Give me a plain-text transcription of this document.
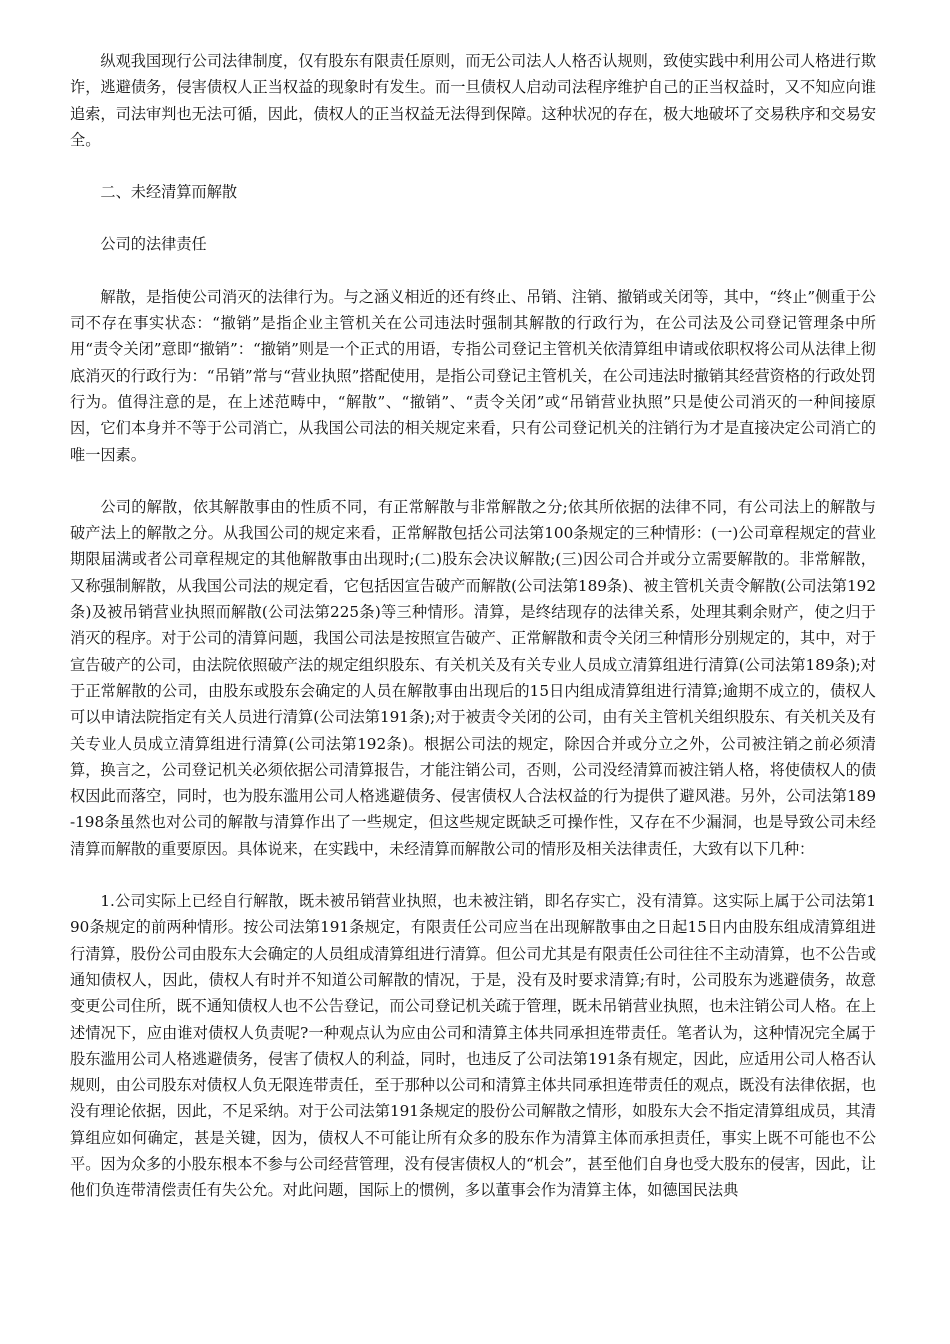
纵观我国现行公司法律制度，仅有股东有限责任原则，而无公司法人人格否认规则，致使实践中利用公司人格进行欺诈，逃避债务，侵害债权人正当权益的现象时有发生。而一旦债权人启动司法程序维护自己的正当权益时，又不知应向谁追索，司法审判也无法可循，因此，债权人的正当权益无法得到保障。这种状况的存在，极大地破坏了交易秩序和交易安全。

二、未经清算而解散

公司的法律责任

解散，是指使公司消灭的法律行为。与之涵义相近的还有终止、吊销、注销、撤销或关闭等，其中，“终止”侧重于公司不存在事实状态：“撤销”是指企业主管机关在公司违法时强制其解散的行政行为，在公司法及公司登记管理条中所用“责令关闭”意即“撤销”：“撤销”则是一个正式的用语，专指公司登记主管机关依清算组申请或依职权将公司从法律上彻底消灭的行政行为：“吊销”常与“营业执照”搭配使用，是指公司登记主管机关，在公司违法时撤销其经营资格的行政处罚行为。值得注意的是，在上述范畴中，“解散”、“撤销”、“责令关闭”或“吊销营业执照”只是使公司消灭的一种间接原因，它们本身并不等于公司消亡，从我国公司法的相关规定来看，只有公司登记机关的注销行为才是直接决定公司消亡的唯一因素。

公司的解散，依其解散事由的性质不同，有正常解散与非常解散之分;依其所依据的法律不同，有公司法上的解散与破产法上的解散之分。从我国公司的规定来看，正常解散包括公司法第100条规定的三种情形：(一)公司章程规定的营业期限届满或者公司章程规定的其他解散事由出现时;(二)股东会决议解散;(三)因公司合并或分立需要解散的。非常解散，又称强制解散，从我国公司法的规定看，它包括因宣告破产而解散(公司法第189条)、被主管机关责令解散(公司法第192条)及被吊销营业执照而解散(公司法第225条)等三种情形。清算，是终结现存的法律关系，处理其剩余财产，使之归于消灭的程序。对于公司的清算问题，我国公司法是按照宣告破产、正常解散和责令关闭三种情形分别规定的，其中，对于宣告破产的公司，由法院依照破产法的规定组织股东、有关机关及有关专业人员成立清算组进行清算(公司法第189条);对于正常解散的公司，由股东或股东会确定的人员在解散事由出现后的15日内组成清算组进行清算;逾期不成立的，债权人可以申请法院指定有关人员进行清算(公司法第191条);对于被责令关闭的公司，由有关主管机关组织股东、有关机关及有关专业人员成立清算组进行清算(公司法第192条)。根据公司法的规定，除因合并或分立之外，公司被注销之前必须清算，换言之，公司登记机关必须依据公司清算报告，才能注销公司，否则，公司没经清算而被注销人格，将使债权人的债权因此而落空，同时，也为股东滥用公司人格逃避债务、侵害债权人合法权益的行为提供了避风港。另外，公司法第189-198条虽然也对公司的解散与清算作出了一些规定，但这些规定既缺乏可操作性，又存在不少漏洞，也是导致公司未经清算而解散的重要原因。具体说来，在实践中，未经清算而解散公司的情形及相关法律责任，大致有以下几种：

1.公司实际上已经自行解散，既未被吊销营业执照，也未被注销，即名存实亡，没有清算。这实际上属于公司法第190条规定的前两种情形。按公司法第191条规定，有限责任公司应当在出现解散事由之日起15日内由股东组成清算组进行清算，股份公司由股东大会确定的人员组成清算组进行清算。但公司尤其是有限责任公司往往不主动清算，也不公告或通知债权人，因此，债权人有时并不知道公司解散的情况，于是，没有及时要求清算;有时，公司股东为逃避债务，故意变更公司住所，既不通知债权人也不公告登记，而公司登记机关疏于管理，既未吊销营业执照，也未注销公司人格。在上述情况下，应由谁对债权人负责呢?一种观点认为应由公司和清算主体共同承担连带责任。笔者认为，这种情况完全属于股东滥用公司人格逃避债务，侵害了债权人的利益，同时，也违反了公司法第191条有规定，因此，应适用公司人格否认规则，由公司股东对债权人负无限连带责任，至于那种以公司和清算主体共同承担连带责任的观点，既没有法律依据，也没有理论依据，因此，不足采纳。对于公司法第191条规定的股份公司解散之情形，如股东大会不指定清算组成员，其清算组应如何确定，甚是关键，因为，债权人不可能让所有众多的股东作为清算主体而承担责任，事实上既不可能也不公平。因为众多的小股东根本不参与公司经营管理，没有侵害债权人的“机会”，甚至他们自身也受大股东的侵害，因此，让他们负连带清偿责任有失公允。对此问题，国际上的惯例，多以董事会作为清算主体，如德国民法典
